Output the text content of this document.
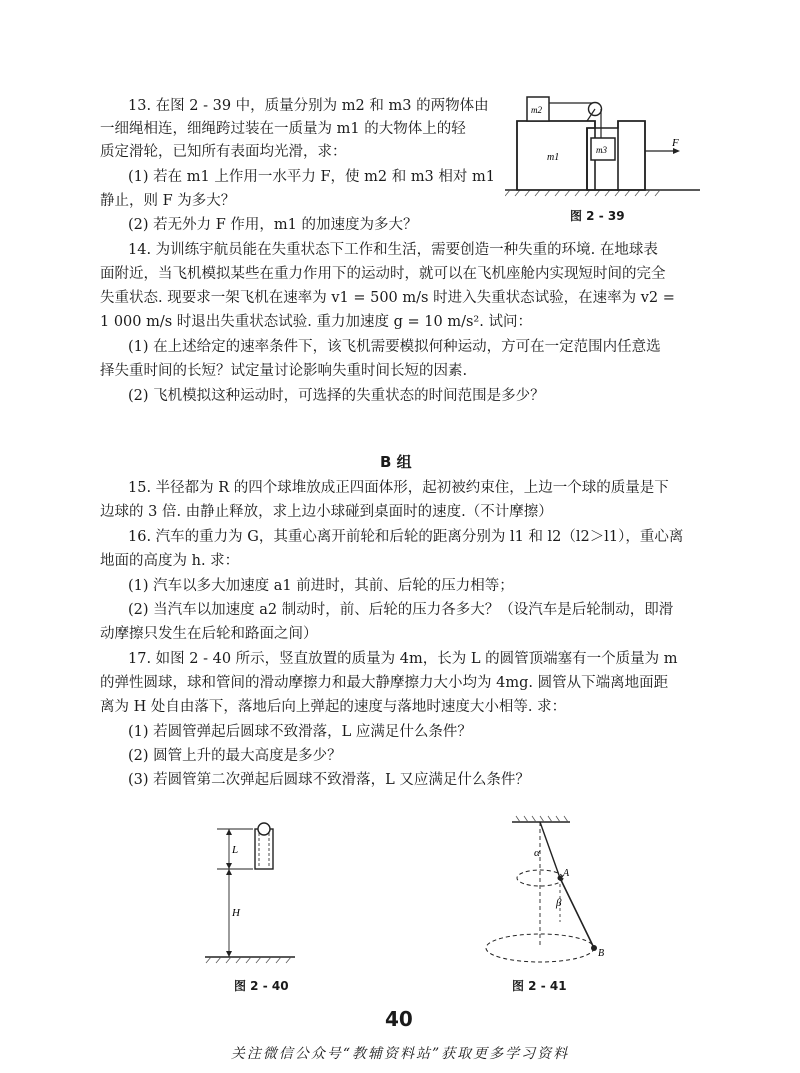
13. 在图 2 - 39 中，质量分别为 m2 和 m3 的两物体由
一细绳相连，细绳跨过装在一质量为 m1 的大物体上的轻
质定滑轮，已知所有表面均光滑，求：
(1) 若在 m1 上作用一水平力 F，使 m2 和 m3 相对 m1
静止，则 F 为多大？
(2) 若无外力 F 作用，m1 的加速度为多大？
m2
m3
m1
F
图 2 - 39
14. 为训练宇航员能在失重状态下工作和生活，需要创造一种失重的环境. 在地球表
面附近，当飞机模拟某些在重力作用下的运动时，就可以在飞机座舱内实现短时间的完全
失重状态. 现要求一架飞机在速率为 v1 = 500 m/s 时进入失重状态试验，在速率为 v2 =
1 000 m/s 时退出失重状态试验. 重力加速度 g = 10 m/s². 试问：
(1) 在上述给定的速率条件下，该飞机需要模拟何种运动，方可在一定范围内任意选
择失重时间的长短？试定量讨论影响失重时间长短的因素.
(2) 飞机模拟这种运动时，可选择的失重状态的时间范围是多少？
B 组
15. 半径都为 R 的四个球堆放成正四面体形，起初被约束住，上边一个球的质量是下
边球的 3 倍. 由静止释放，求上边小球碰到桌面时的速度.（不计摩擦）
16. 汽车的重力为 G，其重心离开前轮和后轮的距离分别为 l1 和 l2（l2＞l1），重心离
地面的高度为 h. 求：
(1) 汽车以多大加速度 a1 前进时，其前、后轮的压力相等；
(2) 当汽车以加速度 a2 制动时，前、后轮的压力各多大？（设汽车是后轮制动，即滑
动摩擦只发生在后轮和路面之间）
17. 如图 2 - 40 所示，竖直放置的质量为 4m，长为 L 的圆管顶端塞有一个质量为 m
的弹性圆球，球和管间的滑动摩擦力和最大静摩擦力大小均为 4mg. 圆管从下端离地面距
离为 H 处自由落下，落地后向上弹起的速度与落地时速度大小相等. 求：
(1) 若圆管弹起后圆球不致滑落，L 应满足什么条件？
(2) 圆管上升的最大高度是多少？
(3) 若圆管第二次弹起后圆球不致滑落，L 又应满足什么条件？
L
H
图 2 - 40
α
A
β
B
图 2 - 41
40
关注微信公众号“教辅资料站”获取更多学习资料
